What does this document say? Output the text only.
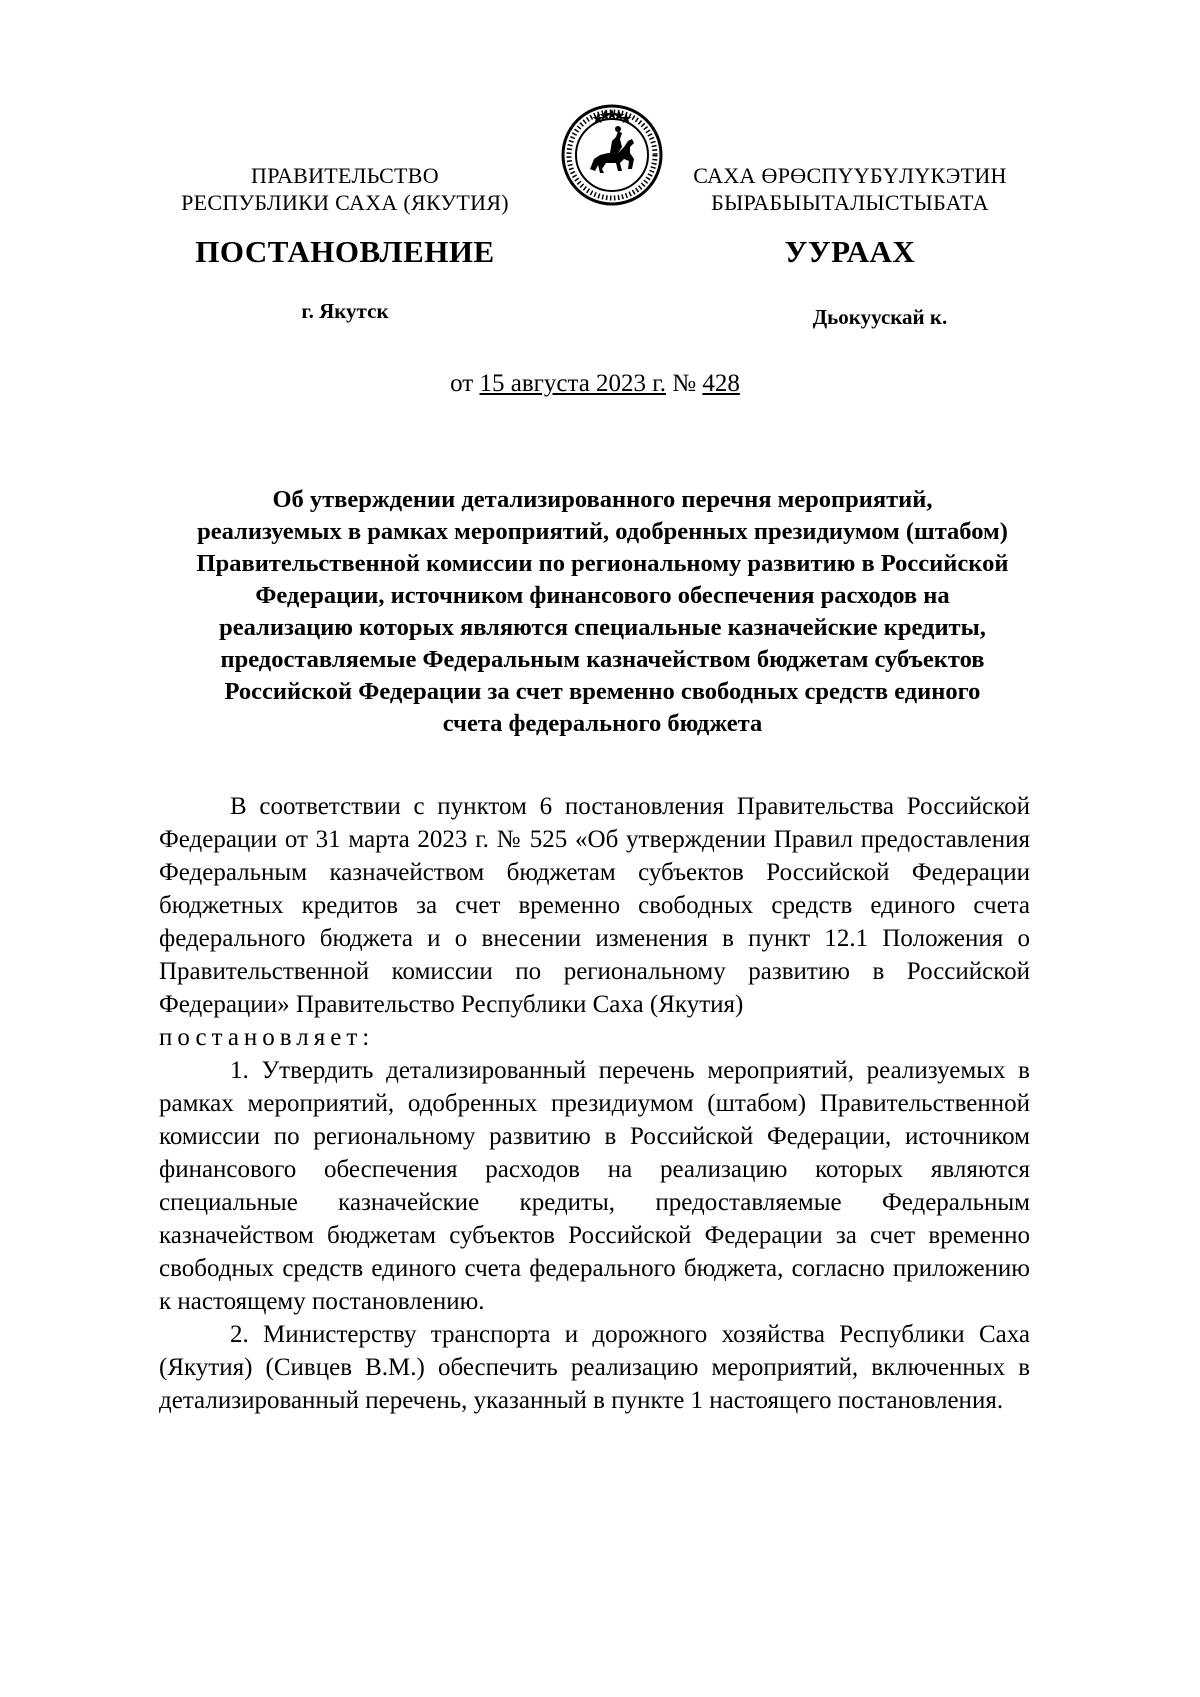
ПРАВИТЕЛЬСТВО
РЕСПУБЛИКИ САХА (ЯКУТИЯ)
САХА ӨРӨСПҮҮБҮЛҮКЭТИН
БЫРАБЫЫТАЛЫСТЫБАТА
ПОСТАНОВЛЕНИЕ	УУРААХ
г. Якутск	Дьокуускай к.
от 15 августа 2023 г. № 428
Об утверждении детализированного перечня мероприятий,
реализуемых в рамках мероприятий, одобренных президиумом (штабом)
Правительственной комиссии по региональному развитию в Российской
Федерации, источником финансового обеспечения расходов на
реализацию которых являются специальные казначейские кредиты,
предоставляемые Федеральным казначейством бюджетам субъектов
Российской Федерации за счет временно свободных средств единого
счета федерального бюджета

В соответствии с пунктом 6 постановления Правительства Российской Федерации от 31 марта 2023 г. № 525 «Об утверждении Правил предоставления Федеральным казначейством бюджетам субъектов Российской Федерации бюджетных кредитов за счет временно свободных средств единого счета федерального бюджета и о внесении изменения в пункт 12.1 Положения о Правительственной комиссии по региональному развитию в Российской Федерации» Правительство Республики Саха (Якутия)

постановляет:

1. Утвердить детализированный перечень мероприятий, реализуемых в рамках мероприятий, одобренных президиумом (штабом) Правительственной комиссии по региональному развитию в Российской Федерации, источником финансового обеспечения расходов на реализацию которых являются специальные казначейские кредиты, предоставляемые Федеральным казначейством бюджетам субъектов Российской Федерации за счет временно свободных средств единого счета федерального бюджета, согласно приложению к настоящему постановлению.

2. Министерству транспорта и дорожного хозяйства Республики Саха (Якутия) (Сивцев В.М.) обеспечить реализацию мероприятий, включенных в детализированный перечень, указанный в пункте 1 настоящего постановления.
